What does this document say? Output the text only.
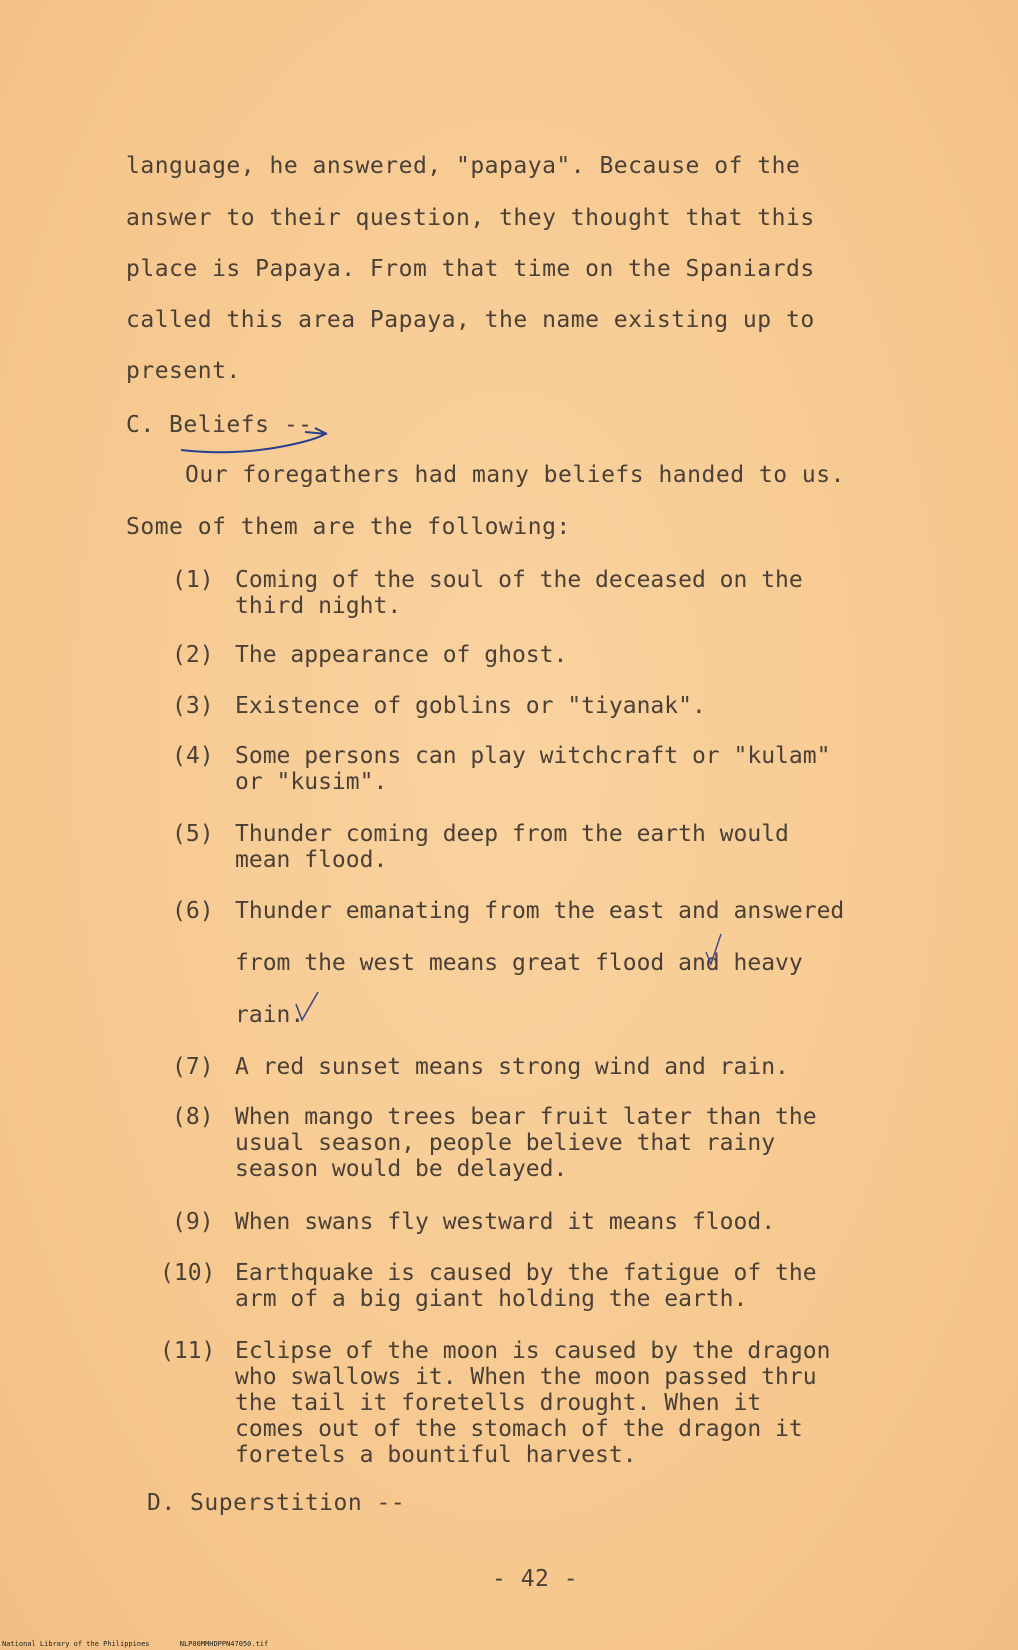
language, he answered, "papaya". Because of the
answer to their question, they thought that this
place is Papaya. From that time on the Spaniards
called this area Papaya, the name existing up to
present.
C. Beliefs --
Our foregathers had many beliefs handed to us.
Some of them are the following:
(1) Coming of the soul of the deceased on the
third night.
(2) The appearance of ghost.
(3) Existence of goblins or "tiyanak".
(4) Some persons can play witchcraft or "kulam"
or "kusim".
(5) Thunder coming deep from the earth would
mean flood.
(6) Thunder emanating from the east and answered
from the west means great flood and heavy
rain.
(7) A red sunset means strong wind and rain.
(8) When mango trees bear fruit later than the
usual season, people believe that rainy
season would be delayed.
(9) When swans fly westward it means flood.
(10) Earthquake is caused by the fatigue of the
arm of a big giant holding the earth.
(11) Eclipse of the moon is caused by the dragon
who swallows it. When the moon passed thru
the tail it foretells drought. When it
comes out of the stomach of the dragon it
foretels a bountiful harvest.
D. Superstition --
- 42 -
National Library of the Philippines	NLP00MMHDPPN47050.tif
